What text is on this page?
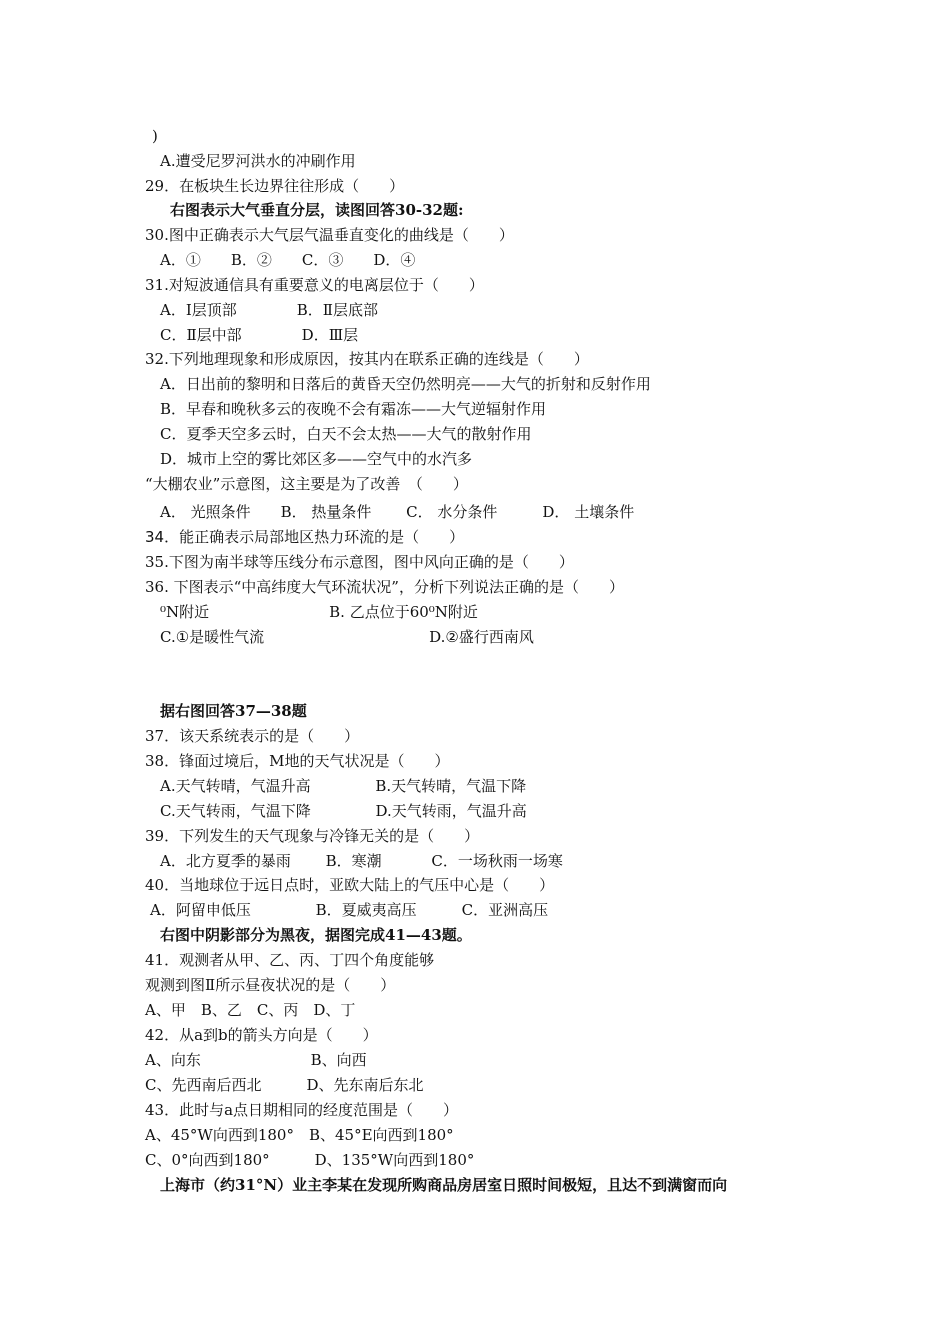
)
A.遭受尼罗河洪水的冲刷作用
29．在板块生长边界往往形成（　　）
右图表示大气垂直分层，读图回答30-32题:
30.图中正确表示大气层气温垂直变化的曲线是（　　）
A．①　　B．②　　C．③　　D．④
31.对短波通信具有重要意义的电离层位于（　　）
A．Ⅰ层顶部　　　　B．Ⅱ层底部
C．Ⅱ层中部　　　　D．Ⅲ层
32.下列地理现象和形成原因，按其内在联系正确的连线是（　　）
A．日出前的黎明和日落后的黄昏天空仍然明亮——大气的折射和反射作用
B．早春和晚秋多云的夜晚不会有霜冻——大气逆辐射作用
C．夏季天空多云时，白天不会太热——大气的散射作用
D．城市上空的雾比郊区多——空气中的水汽多
“大棚农业”示意图，这主要是为了改善　（　　）
A． 光照条件　　B． 热量条件　　 C． 水分条件　　　D． 土壤条件
34．能正确表示局部地区热力环流的是（　　）
35.下图为南半球等压线分布示意图，图中风向正确的是（　　）
36. 下图表示“中高纬度大气环流状况”，分析下列说法正确的是（　　）
⁰N附近　　　　　　　　B. 乙点位于60⁰N附近
C.①是暖性气流　　　　　　　　　　　D.②盛行西南风
据右图回答37—38题
37．该天系统表示的是（　　）
38．锋面过境后，M地的天气状况是（　　）
A.天气转晴，气温升高　　　　 B.天气转晴，气温下降
C.天气转雨，气温下降　　　　 D.天气转雨，气温升高
39．下列发生的天气现象与冷锋无关的是（　　）
A．北方夏季的暴雨　　 B．寒潮　　　 C．一场秋雨一场寒
40．当地球位于远日点时，亚欧大陆上的气压中心是（　　）
A．阿留申低压　　　　 B．夏威夷高压　　　C．亚洲高压
右图中阴影部分为黑夜，据图完成41—43题。
41．观测者从甲、乙、丙、丁四个角度能够
观测到图Ⅱ所示昼夜状况的是（　　）
A、甲　B、乙　C、丙　D、丁
42．从a到b的箭头方向是（　　）
A、向东　　　　　　　 B、向西
C、先西南后西北　　　D、先东南后东北
43．此时与a点日期相同的经度范围是（　　）
A、45°W向西到180°　B、45°E向西到180°
C、0°向西到180°　　　D、135°W向西到180°
上海市（约31°N）业主李某在发现所购商品房居室日照时间极短，且达不到满窗而向
